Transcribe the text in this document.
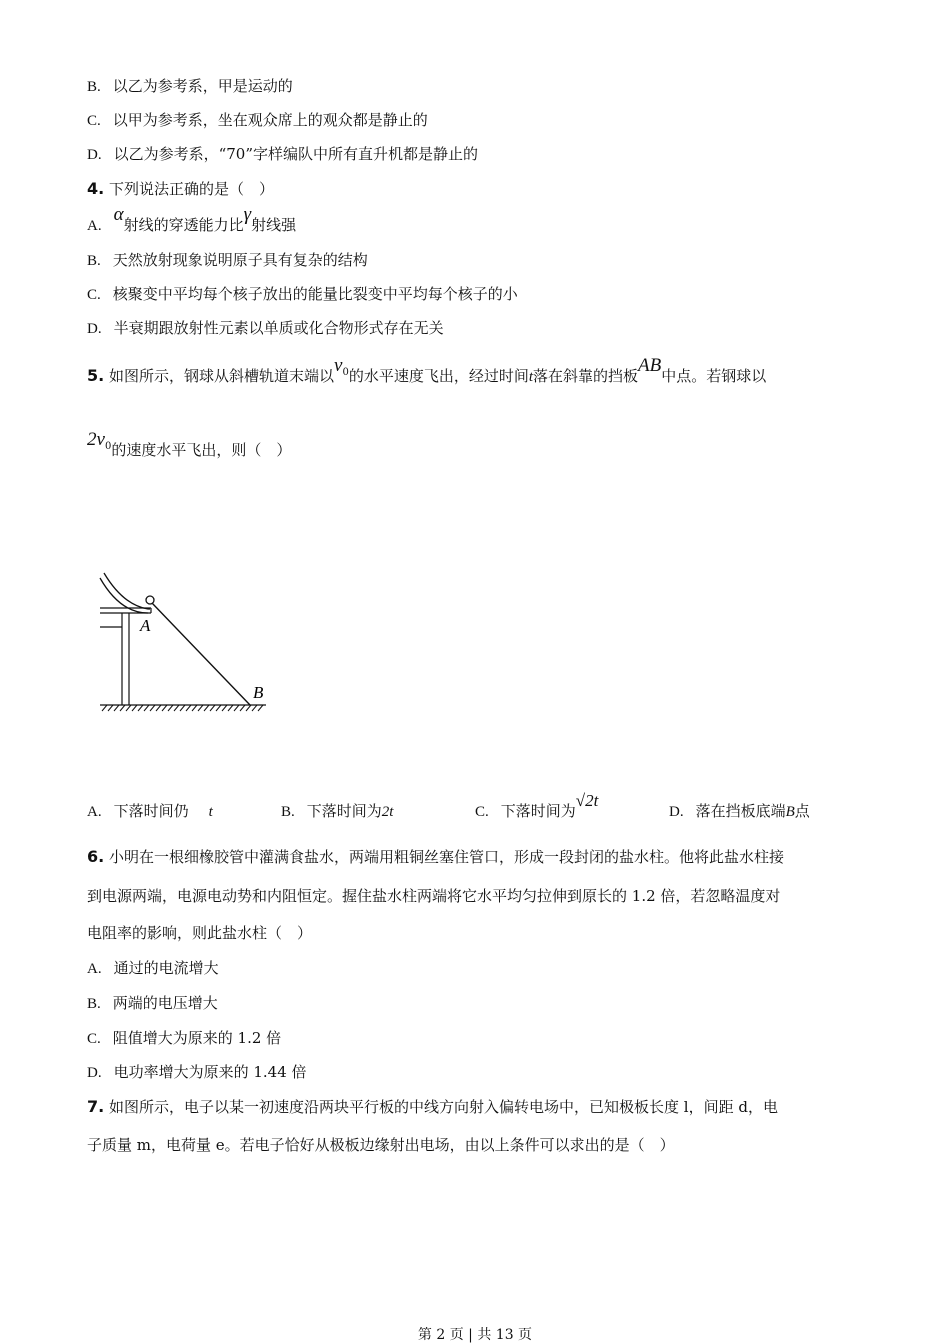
B. 以乙为参考系，甲是运动的
C. 以甲为参考系，坐在观众席上的观众都是静止的
D. 以乙为参考系，“70”字样编队中所有直升机都是静止的
4. 下列说法正确的是（　）
A.α射线的穿透能力比γ射线强
B. 天然放射现象说明原子具有复杂的结构
C. 核聚变中平均每个核子放出的能量比裂变中平均每个核子的小
D. 半衰期跟放射性元素以单质或化合物形式存在无关
5. 如图所示，钢球从斜槽轨道末端以$v_0$的水平速度飞出，经过时间t落在斜靠的挡板AB中点。若钢球以
$2v_0$的速度水平飞出，则（　）
A
B
A. 下落时间仍 t	B. 下落时间为2t	C. 下落时间为√2t
D. 落在挡板底端B点
6. 小明在一根细橡胶管中灌满食盐水，两端用粗铜丝塞住管口，形成一段封闭的盐水柱。他将此盐水柱接
到电源两端，电源电动势和内阻恒定。握住盐水柱两端将它水平均匀拉伸到原长的 1.2 倍，若忽略温度对
电阻率的影响，则此盐水柱（　）
A. 通过的电流增大
B. 两端的电压增大
C. 阻值增大为原来的 1.2 倍
D. 电功率增大为原来的 1.44 倍
7. 如图所示，电子以某一初速度沿两块平行板的中线方向射入偏转电场中，已知极板长度 l，间距 d，电
子质量 m，电荷量 e。若电子恰好从极板边缘射出电场，由以上条件可以求出的是（　）
第 2 页 | 共 13 页
